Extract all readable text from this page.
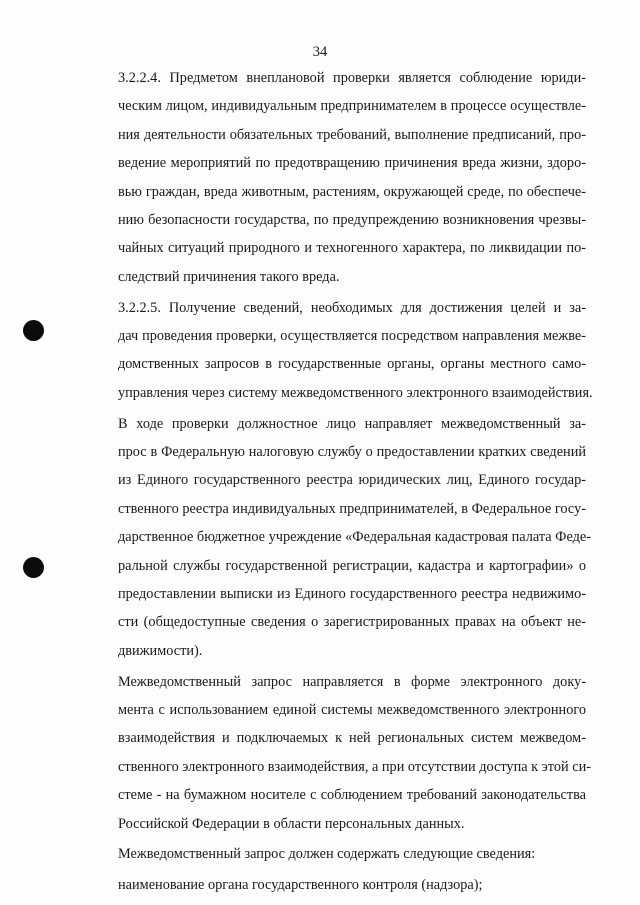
34
3.2.2.4. Предметом внеплановой проверки является соблюдение юриди-
ческим лицом, индивидуальным предпринимателем в процессе осуществле-
ния деятельности обязательных требований, выполнение предписаний, про-
ведение мероприятий по предотвращению причинения вреда жизни, здоро-
вью граждан, вреда животным, растениям, окружающей среде, по обеспече-
нию безопасности государства, по предупреждению возникновения чрезвы-
чайных ситуаций природного и техногенного характера, по ликвидации по-
следствий причинения такого вреда.
3.2.2.5. Получение сведений, необходимых для достижения целей и за-
дач проведения проверки, осуществляется посредством направления межве-
домственных запросов в государственные органы, органы местного само-
управления через систему межведомственного электронного взаимодействия.
В ходе проверки должностное лицо направляет межведомственный за-
прос в Федеральную налоговую службу о предоставлении кратких сведений
из Единого государственного реестра юридических лиц, Единого государ-
ственного реестра индивидуальных предпринимателей, в Федеральное госу-
дарственное бюджетное учреждение «Федеральная кадастровая палата Феде-
ральной службы государственной регистрации, кадастра и картографии» о
предоставлении выписки из Единого государственного реестра недвижимо-
сти (общедоступные сведения о зарегистрированных правах на объект не-
движимости).
Межведомственный запрос направляется в форме электронного доку-
мента с использованием единой системы межведомственного электронного
взаимодействия и подключаемых к ней региональных систем межведом-
ственного электронного взаимодействия, а при отсутствии доступа к этой си-
стеме - на бумажном носителе с соблюдением требований законодательства
Российской Федерации в области персональных данных.
Межведомственный запрос должен содержать следующие сведения:
наименование органа государственного контроля (надзора);
